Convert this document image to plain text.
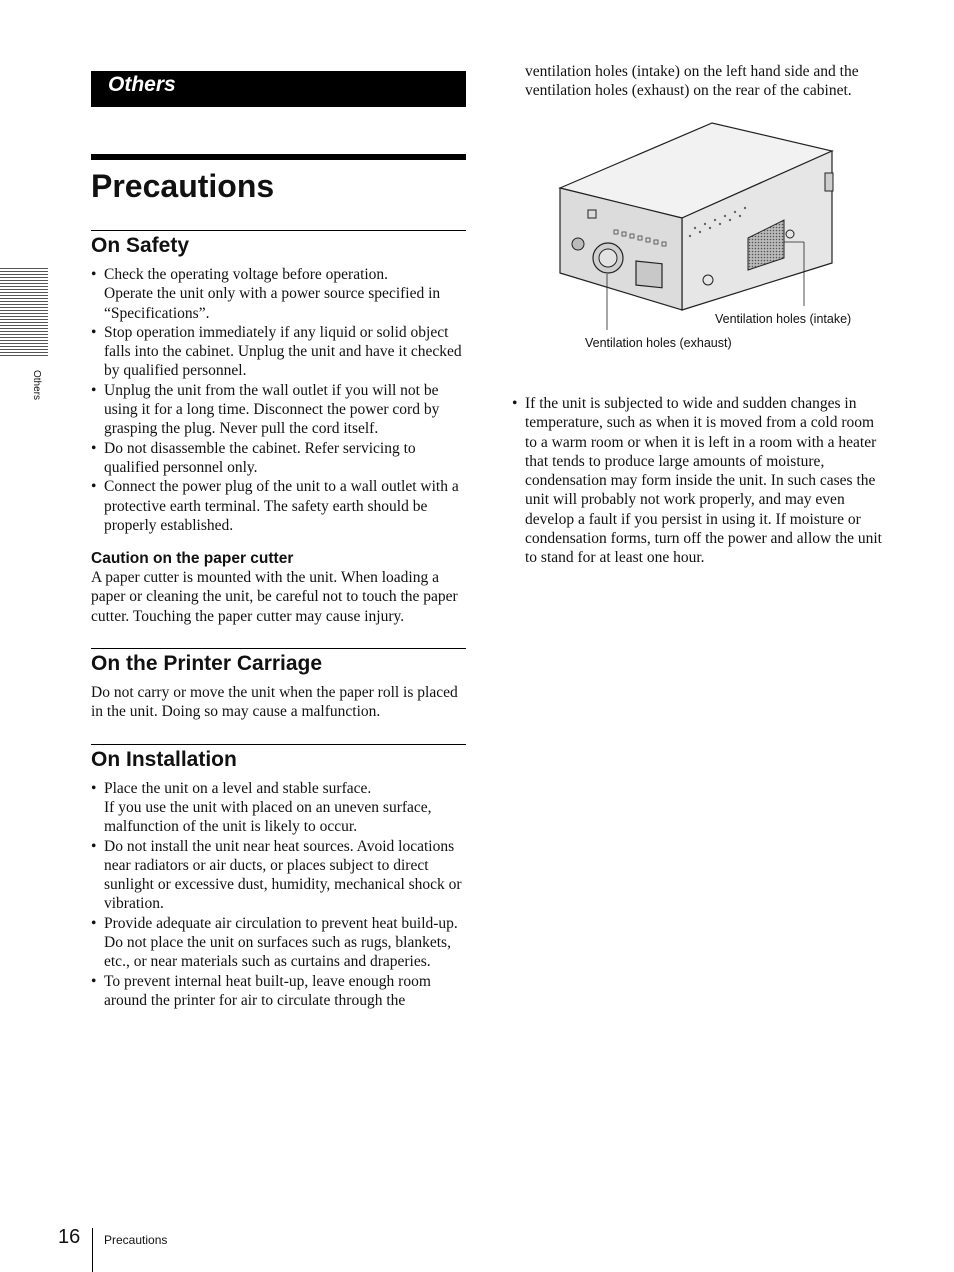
Others
Others
Precautions
On Safety
• Check the operating voltage before operation.
Operate the unit only with a power source specified in “Specifications”.
• Stop operation immediately if any liquid or solid object falls into the cabinet. Unplug the unit and have it checked by qualified personnel.
• Unplug the unit from the wall outlet if you will not be using it for a long time. Disconnect the power cord by grasping the plug. Never pull the cord itself.
• Do not disassemble the cabinet. Refer servicing to qualified personnel only.
• Connect the power plug of the unit to a wall outlet with a protective earth terminal. The safety earth should be properly established.
Caution on the paper cutter

A paper cutter is mounted with the unit. When loading a paper or cleaning the unit, be careful not to touch the paper cutter. Touching the paper cutter may cause injury.

On the Printer Carriage

Do not carry or move the unit when the paper roll is placed in the unit. Doing so may cause a malfunction.

On Installation
• Place the unit on a level and stable surface.
If you use the unit with placed on an uneven surface, malfunction of the unit is likely to occur.
• Do not install the unit near heat sources. Avoid locations near radiators or air ducts, or places subject to direct sunlight or excessive dust, humidity, mechanical shock or vibration.
• Provide adequate air circulation to prevent heat build-up. Do not place the unit on surfaces such as rugs, blankets, etc., or near materials such as curtains and draperies.
• To prevent internal heat built-up, leave enough room around the printer for air to circulate through the

ventilation holes (intake) on the left hand side and the ventilation holes (exhaust) on the rear of the cabinet.

Ventilation holes (intake)
Ventilation holes (exhaust)
• If the unit is subjected to wide and sudden changes in temperature, such as when it is moved from a cold room to a warm room or when it is left in a room with a heater that tends to produce large amounts of moisture, condensation may form inside the unit. In such cases the unit will probably not work properly, and may even develop a fault if you persist in using it. If moisture or condensation forms, turn off the power and allow the unit to stand for at least one hour.
16 Precautions
